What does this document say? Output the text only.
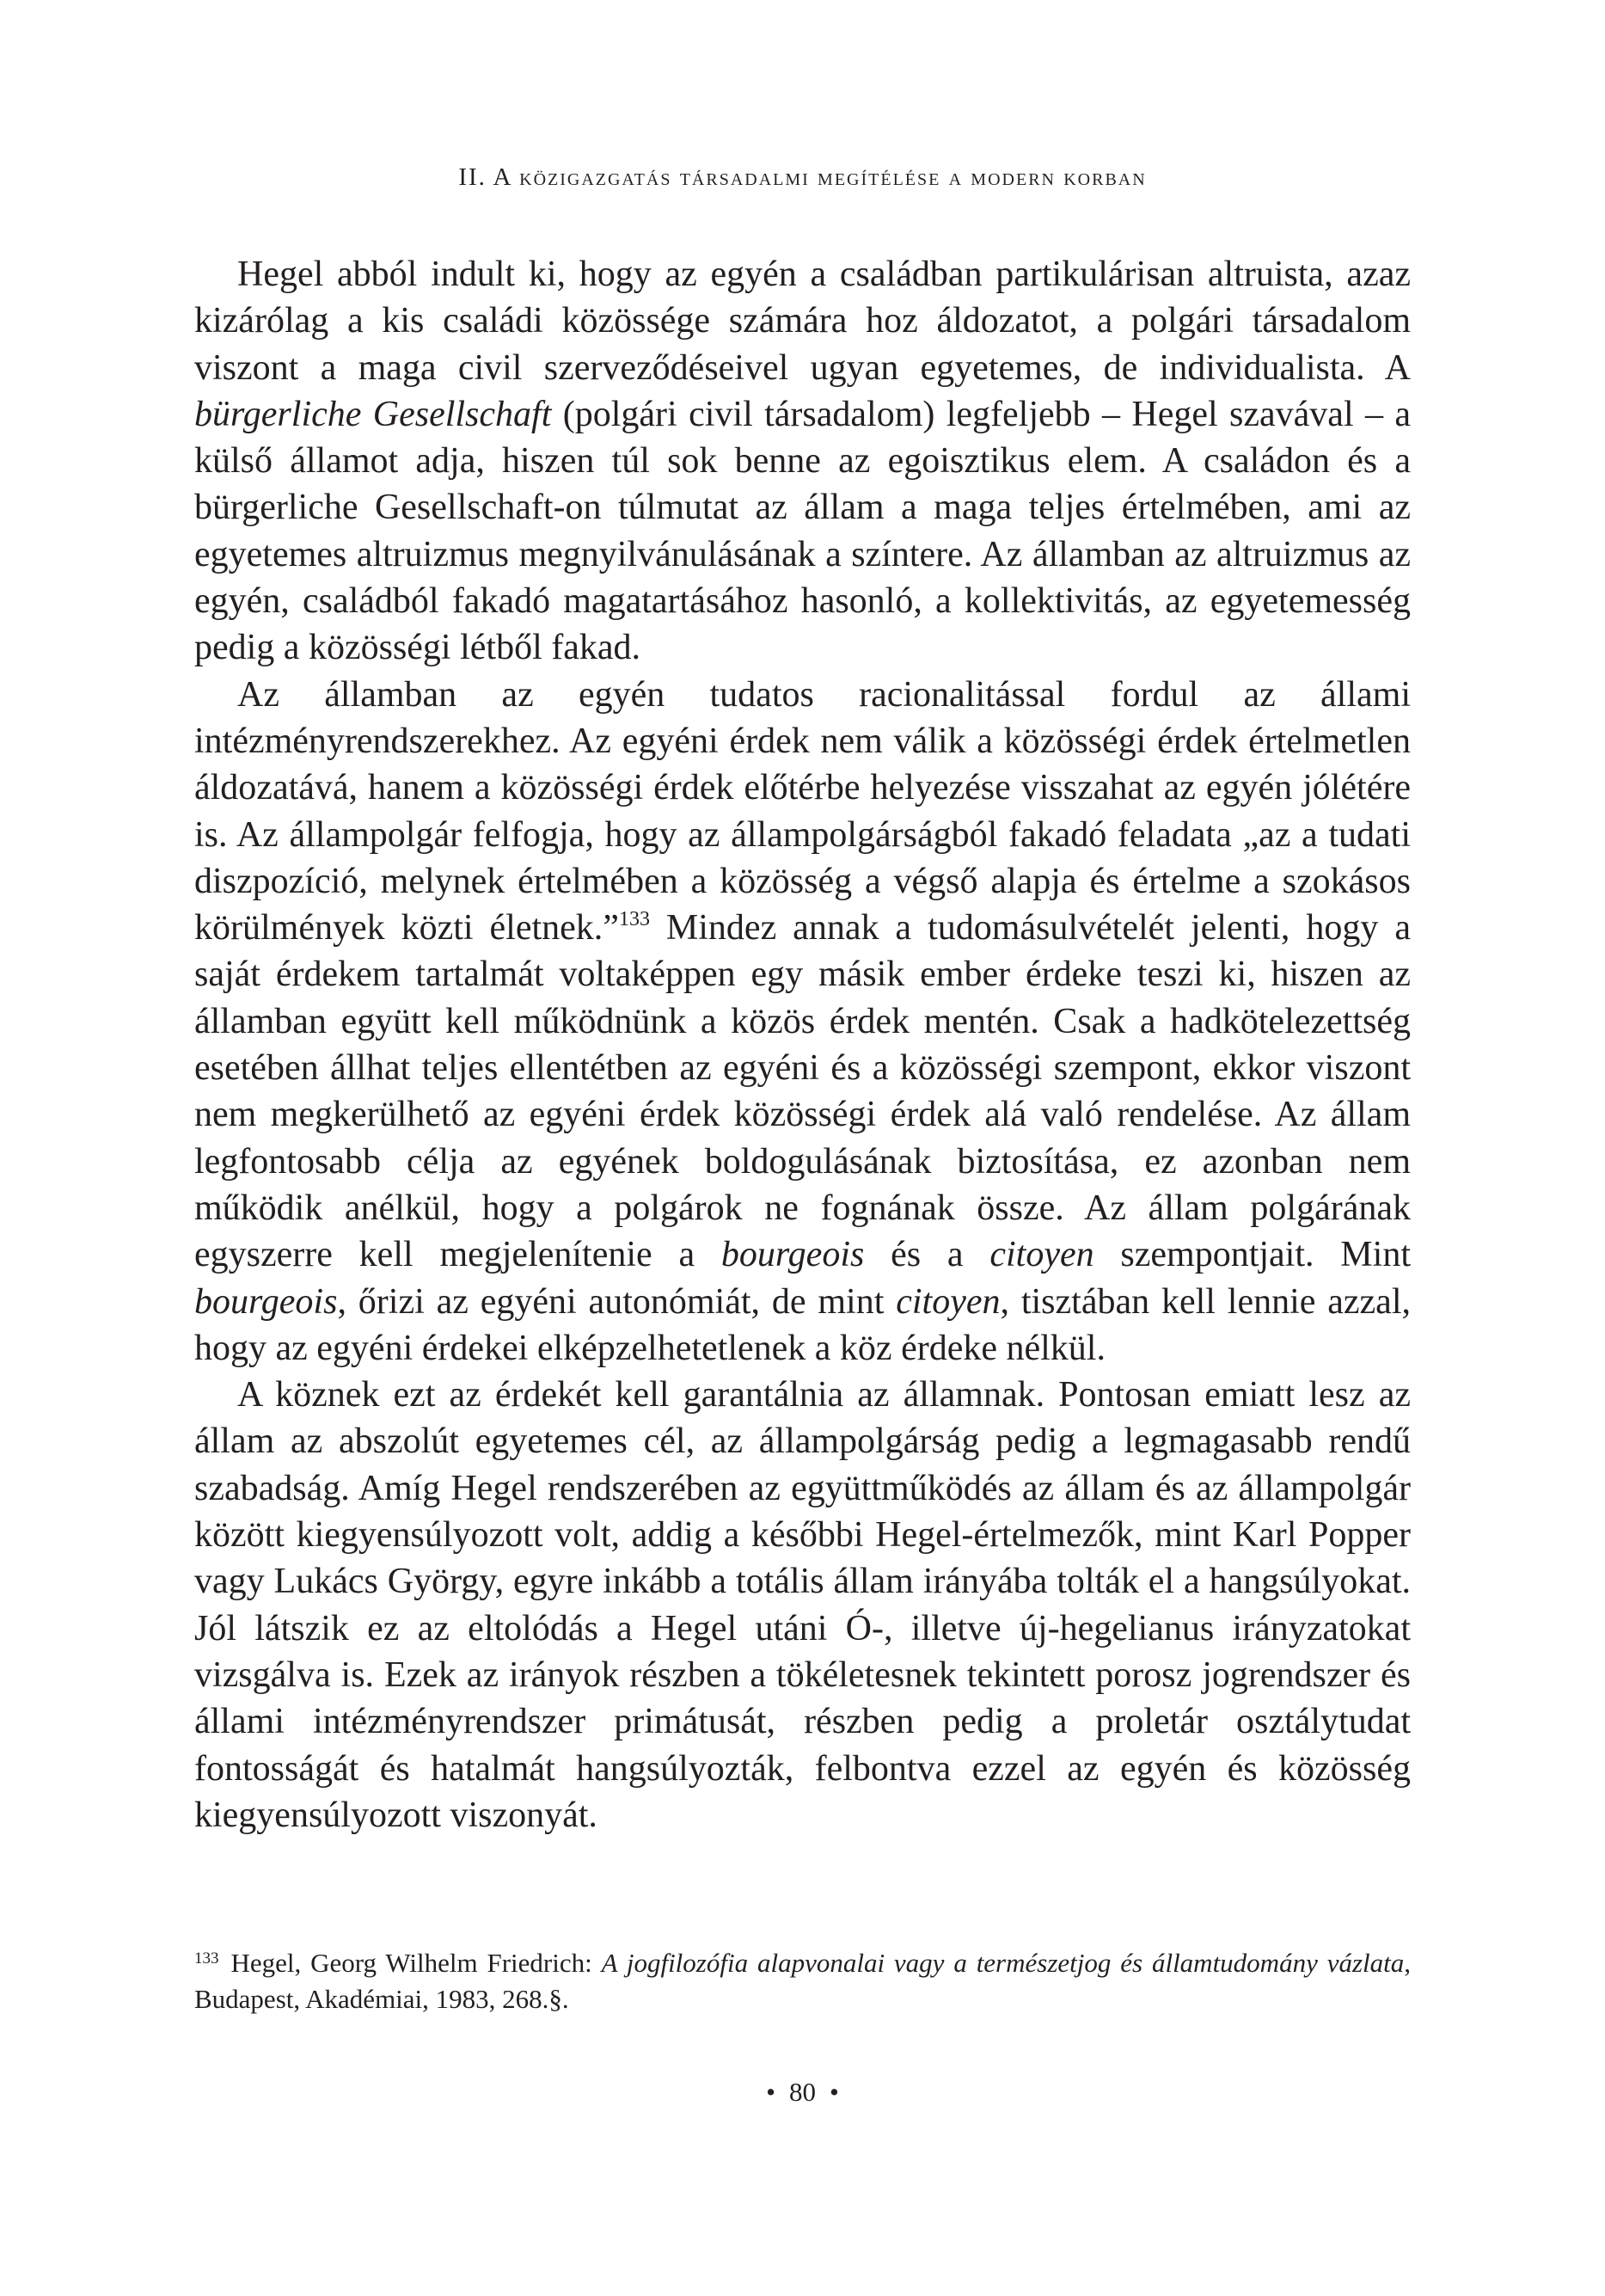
II. A közigazgatás társadalmi megítélése a modern korban

Hegel abból indult ki, hogy az egyén a családban partikulárisan altruista, azaz kizárólag a kis családi közössége számára hoz áldozatot, a polgári társadalom viszont a maga civil szerveződéseivel ugyan egyetemes, de individualista. A bürgerliche Gesellschaft (polgári civil társadalom) legfeljebb – Hegel szavával – a külső államot adja, hiszen túl sok benne az egoisztikus elem. A családon és a bürgerliche Gesellschaft-on túlmutat az állam a maga teljes értelmében, ami az egyetemes altruizmus megnyilvánulásának a színtere. Az államban az altruizmus az egyén, családból fakadó magatartásához hasonló, a kollektivitás, az egyetemesség pedig a közösségi létből fakad.

Az államban az egyén tudatos racionalitással fordul az állami intézményrendszerekhez. Az egyéni érdek nem válik a közösségi érdek értelmetlen áldozatává, hanem a közösségi érdek előtérbe helyezése visszahat az egyén jólétére is. Az állampolgár felfogja, hogy az állampolgárságból fakadó feladata „az a tudati diszpozíció, melynek értelmében a közösség a végső alapja és értelme a szokásos körülmények közti életnek.”$^{133}$ Mindez annak a tudomásulvételét jelenti, hogy a saját érdekem tartalmát voltaképpen egy másik ember érdeke teszi ki, hiszen az államban együtt kell működnünk a közös érdek mentén. Csak a hadkötelezettség esetében állhat teljes ellentétben az egyéni és a közösségi szempont, ekkor viszont nem megkerülhető az egyéni érdek közösségi érdek alá való rendelése. Az állam legfontosabb célja az egyének boldogulásának biztosítása, ez azonban nem működik anélkül, hogy a polgárok ne fognának össze. Az állam polgárának egyszerre kell megjelenítenie a bourgeois és a citoyen szempontjait. Mint bourgeois, őrizi az egyéni autonómiát, de mint citoyen, tisztában kell lennie azzal, hogy az egyéni érdekei elképzelhetetlenek a köz érdeke nélkül.

A köznek ezt az érdekét kell garantálnia az államnak. Pontosan emiatt lesz az állam az abszolút egyetemes cél, az állampolgárság pedig a legmagasabb rendű szabadság. Amíg Hegel rendszerében az együttműködés az állam és az állampolgár között kiegyensúlyozott volt, addig a későbbi Hegel-értelmezők, mint Karl Popper vagy Lukács György, egyre inkább a totális állam irányába tolták el a hangsúlyokat. Jól látszik ez az eltolódás a Hegel utáni Ó-, illetve új-hegelianus irányzatokat vizsgálva is. Ezek az irányok részben a tökéletesnek tekintett porosz jogrendszer és állami intézményrendszer primátusát, részben pedig a proletár osztálytudat fontosságát és hatalmát hangsúlyozták, felbontva ezzel az egyén és közösség kiegyensúlyozott viszonyát.

$^{133}$ Hegel, Georg Wilhelm Friedrich: A jogfilozófia alapvonalai vagy a természetjog és államtudomány vázlata, Budapest, Akadémiai, 1983, 268.§.
• 80 •
